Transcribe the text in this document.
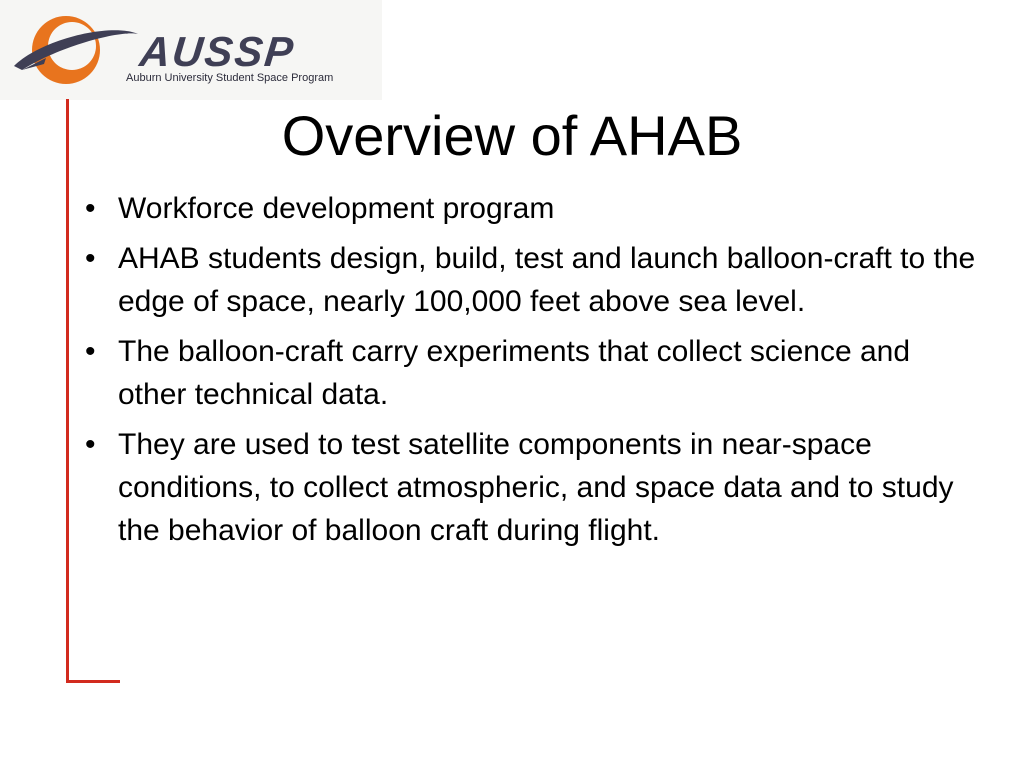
AUSSP
Auburn University Student Space Program
Overview of AHAB
• Workforce development program
• AHAB students design, build, test and launch balloon-craft to the edge of space, nearly 100,000 feet above sea level.
• The balloon-craft carry experiments that collect science and other technical data.
• They are used to test satellite components in near-space conditions, to collect atmospheric, and space data and to study the behavior of balloon craft during flight.
